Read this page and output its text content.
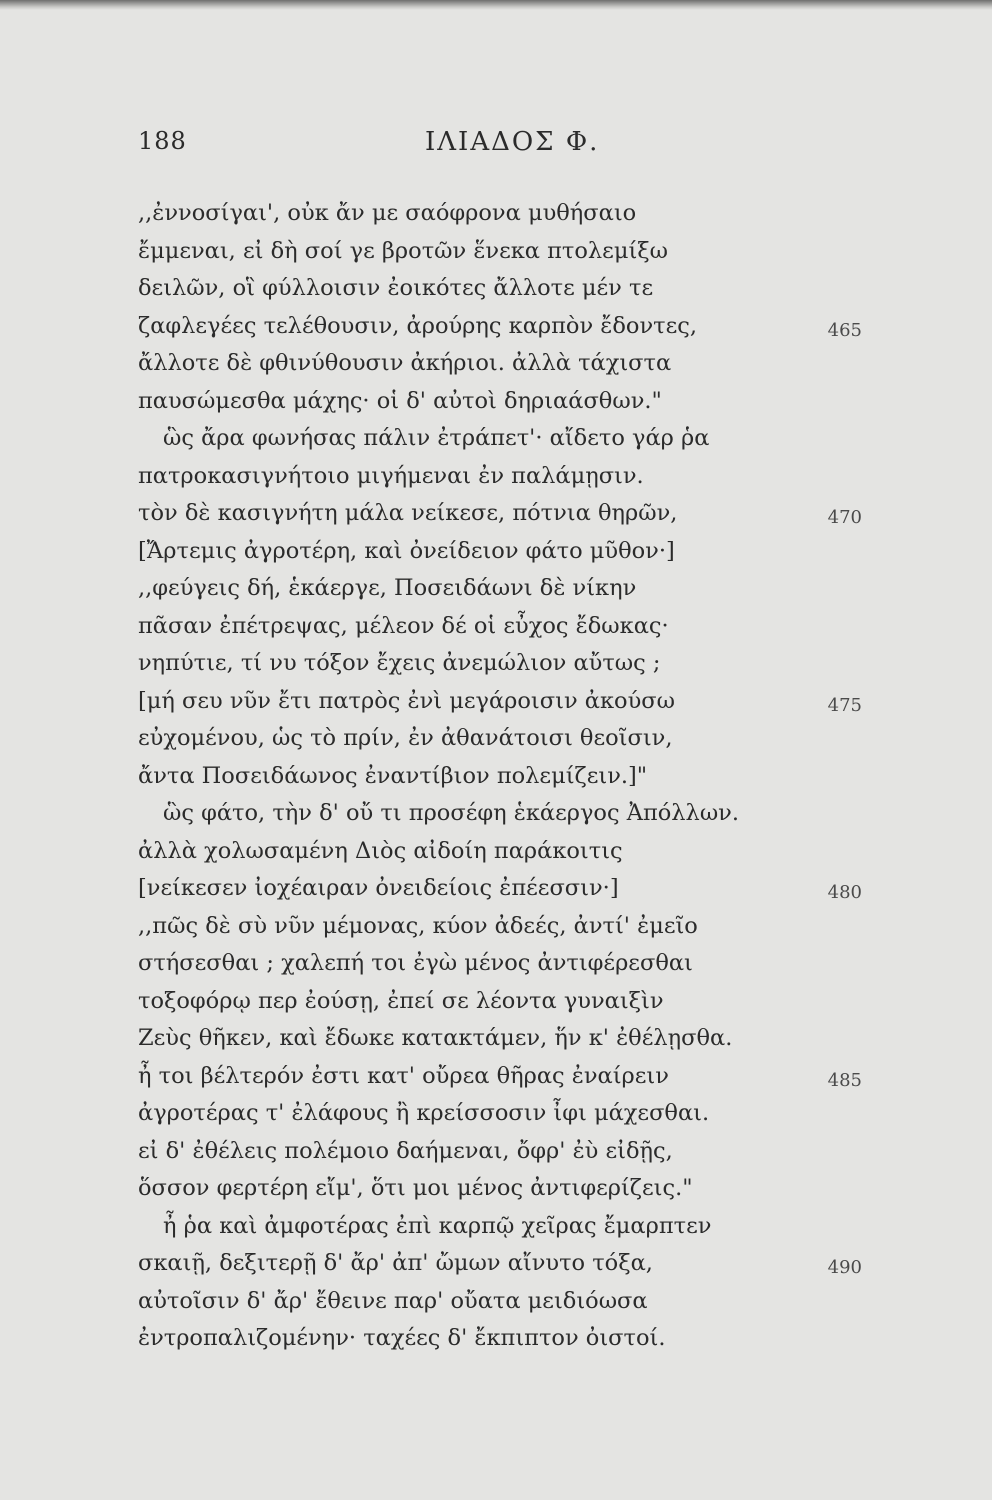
188	ΙΛΙΑΔΟΣ Φ.
,,ἐννοσίγαι', οὐκ ἄν με σαόφρονα μυθήσαιο
ἔμμεναι, εἰ δὴ σοί γε βροτῶν ἕνεκα πτολεμίξω
δειλῶν, οἳ φύλλοισιν ἐοικότες ἄλλοτε μέν τε
ζαφλεγέες τελέθουσιν, ἀρούρης καρπὸν ἔδοντες,	465
ἄλλοτε δὲ φθινύθουσιν ἀκήριοι. ἀλλὰ τάχιστα
παυσώμεσθα μάχης· οἱ δ' αὐτοὶ δηριαάσθων."
ὣς ἄρα φωνήσας πάλιν ἐτράπετ'· αἴδετο γάρ ῥα
πατροκασιγνήτοιο μιγήμεναι ἐν παλάμῃσιν.
τὸν δὲ κασιγνήτη μάλα νείκεσε, πότνια θηρῶν,	470
[Ἄρτεμις ἀγροτέρη, καὶ ὀνείδειον φάτο μῦθον·]
,,φεύγεις δή, ἑκάεργε, Ποσειδάωνι δὲ νίκην
πᾶσαν ἐπέτρεψας, μέλεον δέ οἱ εὖχος ἔδωκας·
νηπύτιε, τί νυ τόξον ἔχεις ἀνεμώλιον αὔτως ;
[μή σευ νῦν ἔτι πατρὸς ἐνὶ μεγάροισιν ἀκούσω	475
εὐχομένου, ὡς τὸ πρίν, ἐν ἀθανάτοισι θεοῖσιν,
ἄντα Ποσειδάωνος ἐναντίβιον πολεμίζειν.]"
ὣς φάτο, τὴν δ' οὔ τι προσέφη ἑκάεργος Ἀπόλλων.
ἀλλὰ χολωσαμένη Διὸς αἰδοίη παράκοιτις
[νείκεσεν ἰοχέαιραν ὀνειδείοις ἐπέεσσιν·]	480
,,πῶς δὲ σὺ νῦν μέμονας, κύον ἀδεές, ἀντί' ἐμεῖο
στήσεσθαι ; χαλεπή τοι ἐγὼ μένος ἀντιφέρεσθαι
τοξοφόρῳ περ ἐούσῃ, ἐπεί σε λέοντα γυναιξὶν
Ζεὺς θῆκεν, καὶ ἔδωκε κατακτάμεν, ἥν κ' ἐθέλῃσθα.
ἦ τοι βέλτερόν ἐστι κατ' οὔρεα θῆρας ἐναίρειν	485
ἀγροτέρας τ' ἐλάφους ἢ κρείσσοσιν ἶφι μάχεσθαι.
εἰ δ' ἐθέλεις πολέμοιο δαήμεναι, ὄφρ' ἐὺ εἰδῇς,
ὅσσον φερτέρη εἴμ', ὅτι μοι μένος ἀντιφερίζεις."
ἦ ῥα καὶ ἀμφοτέρας ἐπὶ καρπῷ χεῖρας ἔμαρπτεν
σκαιῇ, δεξιτερῇ δ' ἄρ' ἀπ' ὤμων αἴνυτο τόξα,	490
αὐτοῖσιν δ' ἄρ' ἔθεινε παρ' οὔατα μειδιόωσα
ἐντροπαλιζομένην· ταχέες δ' ἔκπιπτον ὀιστοί.
